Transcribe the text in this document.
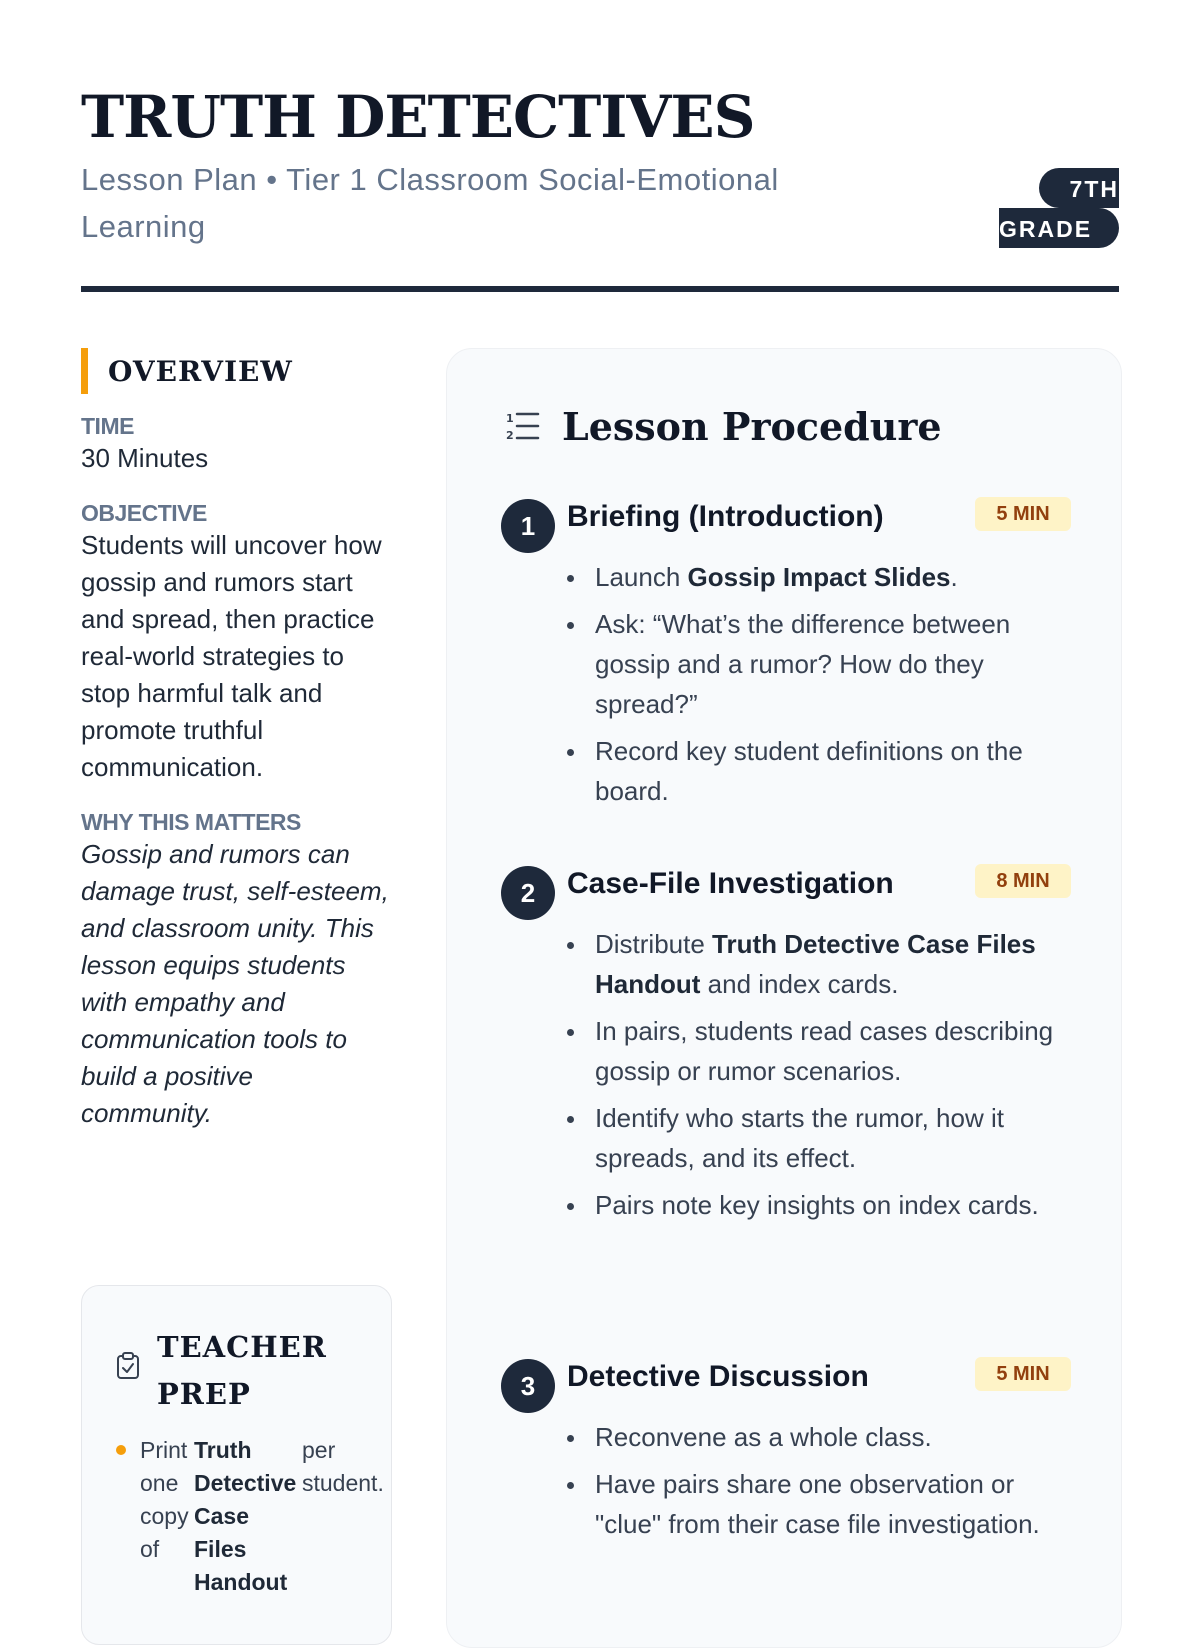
TRUTH DETECTIVES

Lesson Plan • Tier 1 Classroom Social-Emotional Learning

7TH
GRADE
OVERVIEW

TIME

30 Minutes

OBJECTIVE

Students will uncover how gossip and rumors start and spread, then practice real-world strategies to stop harmful talk and promote truthful communication.

WHY THIS MATTERS

Gossip and rumors can damage trust, self-esteem, and classroom unity. This lesson equips students with empathy and communication tools to build a positive community.

TEACHER PREP
Print
one
copy
of
Truth
Detective
Case
Files
Handout
per
student.
1
2 Lesson Procedure
1	Briefing (Introduction)	5 MIN
Launch Gossip Impact Slides.
Ask: “What’s the difference between gossip and a rumor? How do they spread?”
Record key student definitions on the board.
2	Case-File Investigation	8 MIN
Distribute Truth Detective Case Files Handout and index cards.
In pairs, students read cases describing gossip or rumor scenarios.
Identify who starts the rumor, how it spreads, and its effect.
Pairs note key insights on index cards.
3	Detective Discussion	5 MIN
Reconvene as a whole class.
Have pairs share one observation or "clue" from their case file investigation.
